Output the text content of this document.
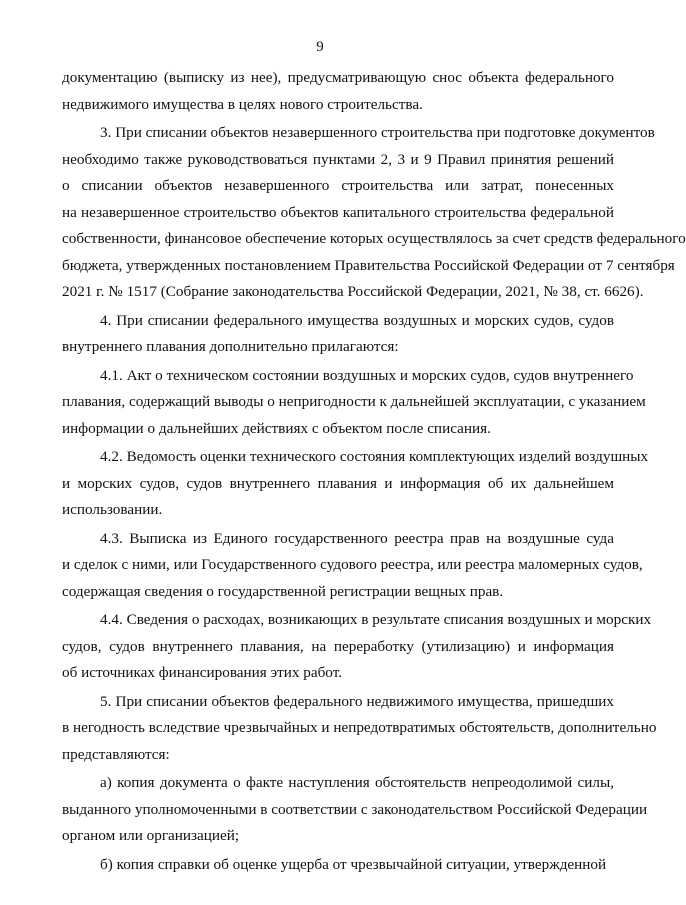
9
документацию (выписку из нее), предусматривающую снос объекта федерального
недвижимого имущества в целях нового строительства.
3. При списании объектов незавершенного строительства при подготовке документов
необходимо также руководствоваться пунктами 2, 3 и 9 Правил принятия решений
о списании объектов незавершенного строительства или затрат, понесенных
на незавершенное строительство объектов капитального строительства федеральной
собственности, финансовое обеспечение которых осуществлялось за счет средств федерального
бюджета, утвержденных постановлением Правительства Российской Федерации от 7 сентября
2021 г. № 1517 (Собрание законодательства Российской Федерации, 2021, № 38, ст. 6626).
4. При списании федерального имущества воздушных и морских судов, судов
внутреннего плавания дополнительно прилагаются:
4.1. Акт о техническом состоянии воздушных и морских судов, судов внутреннего
плавания, содержащий выводы о непригодности к дальнейшей эксплуатации, с указанием
информации о дальнейших действиях с объектом после списания.
4.2. Ведомость оценки технического состояния комплектующих изделий воздушных
и морских судов, судов внутреннего плавания и информация об их дальнейшем
использовании.
4.3. Выписка из Единого государственного реестра прав на воздушные суда
и сделок с ними, или Государственного судового реестра, или реестра маломерных судов,
содержащая сведения о государственной регистрации вещных прав.
4.4. Сведения о расходах, возникающих в результате списания воздушных и морских
судов, судов внутреннего плавания, на переработку (утилизацию) и информация
об источниках финансирования этих работ.
5. При списании объектов федерального недвижимого имущества, пришедших
в негодность вследствие чрезвычайных и непредотвратимых обстоятельств, дополнительно
представляются:
а) копия документа о факте наступления обстоятельств непреодолимой силы,
выданного уполномоченными в соответствии с законодательством Российской Федерации
органом или организацией;
б) копия справки об оценке ущерба от чрезвычайной ситуации, утвержденной
